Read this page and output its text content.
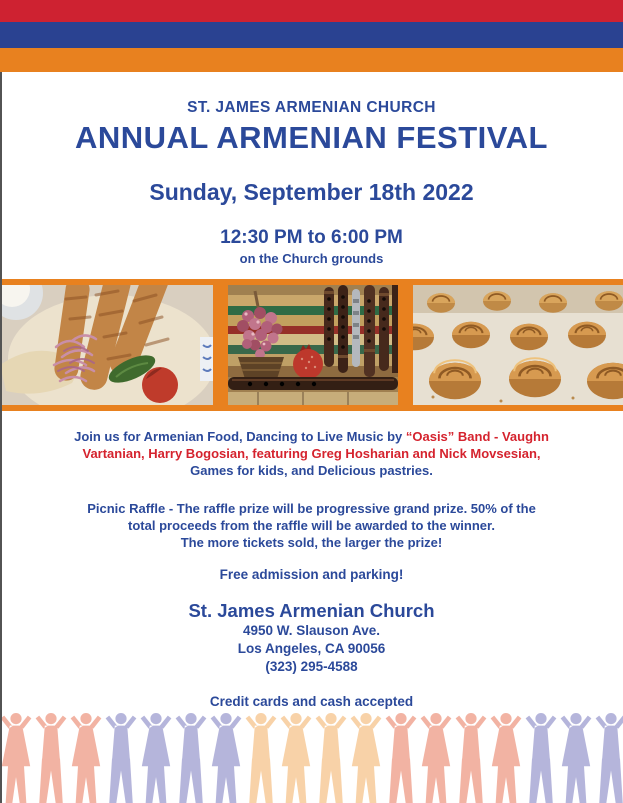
ST. JAMES ARMENIAN CHURCH
ANNUAL ARMENIAN FESTIVAL
Sunday, September 18th 2022
12:30 PM to 6:00 PM
on the Church grounds
Join us for Armenian Food, Dancing to Live Music by “Oasis” Band - Vaughn
Vartanian, Harry Bogosian, featuring Greg Hosharian and Nick Movsesian,
Games for kids, and Delicious pastries.
Picnic Raffle - The raffle prize will be progressive grand prize. 50% of the
total proceeds from the raffle will be awarded to the winner.
The more tickets sold, the larger the prize!
Free admission and parking!
St. James Armenian Church
4950 W. Slauson Ave.
Los Angeles, CA 90056
(323) 295-4588
Credit cards and cash accepted
